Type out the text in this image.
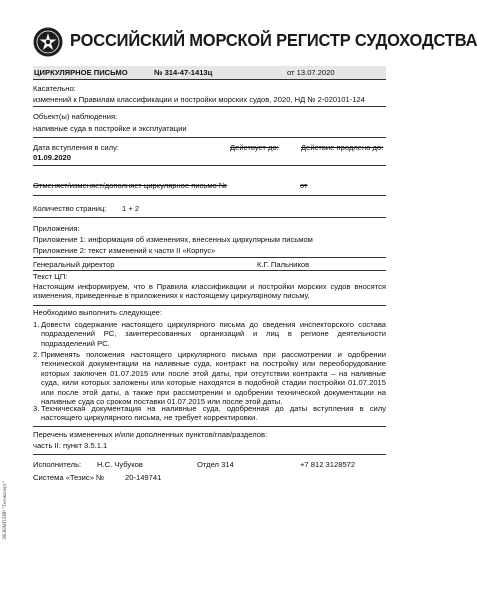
РОССИЙСКИЙ МОРСКОЙ РЕГИСТР СУДОХОДСТВА
ЦИРКУЛЯРНОЕ ПИСЬМО	№ 314-47-1413ц	от 13.07.2020
Касательно:
изменений к Правилам классификации и постройки морских судов, 2020, НД № 2-020101-124
Объект(ы) наблюдения:
наливные суда в постройке и эксплуатации
Дата вступления в силу:
01.09.2020
Действует до:	Действие продлено до:
Отменяет/изменяет/дополняет циркулярное письмо №	от
Количество страниц: 1 + 2
Приложения:
Приложение 1: информация об изменениях, внесенных циркулярным письмом
Приложение 2: текст изменений к части II «Корпус»
Генеральный директор	К.Г. Пальников
Текст ЦП:
Настоящим информируем, что в Правила классификации и постройки морских судов вносятся изменения, приведенные в приложениях к настоящему циркулярному письму.
Необходимо выполнить следующее:
1. Довести содержание настоящего циркулярного письма до сведения инспекторского состава подразделений РС, заинтересованных организаций и лиц в регионе деятельности подразделений РС.
2. Применять положения настоящего циркулярного письма при рассмотрении и одобрении технической документации на наливные суда, контракт на постройку или переоборудование которых заключен 01.07.2015 или после этой даты, при отсутствии контракта – на наливные суда, кили которых заложены или которые находятся в подобной стадии постройки 01.07.2015 или после этой даты, а также при рассмотрении и одобрении технической документации на наливные суда со сроком поставки 01.07.2015 или после этой даты.
3. Техническая документация на наливные суда, одобренная до даты вступления в силу настоящего циркулярного письма, не требует корректировки.
Перечень измененных и/или дополненных пунктов/глав/разделов:
часть II: пункт 3.5.1.1
Исполнитель: Н.С. Чубуков	Отдел 314	+7 812 3128572
Система «Тезис» №	20-149741
ЭКЗЕМПЛЯР "Техэксперт"
